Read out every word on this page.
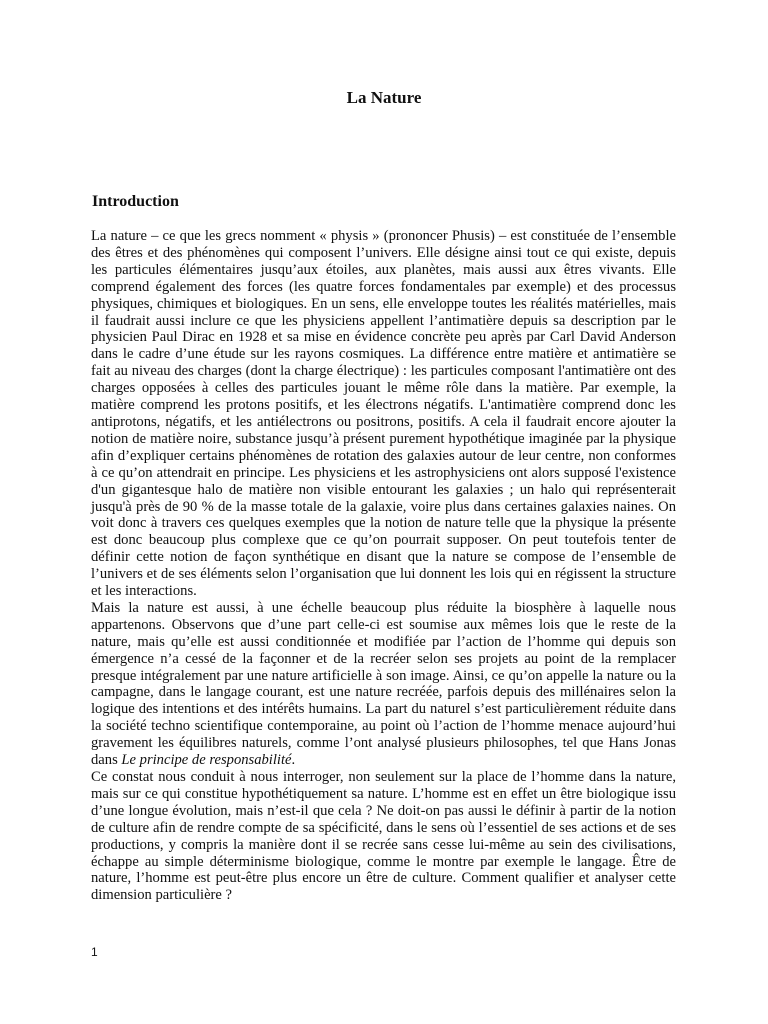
La Nature
Introduction

La nature – ce que les grecs nomment « physis » (prononcer Phusis) – est constituée de l’ensemble des êtres et des phénomènes qui composent l’univers. Elle désigne ainsi tout ce qui existe, depuis les particules élémentaires jusqu’aux étoiles, aux planètes, mais aussi aux êtres vivants. Elle comprend également des forces (les quatre forces fondamentales par exemple) et des processus physiques, chimiques et biologiques. En un sens, elle enveloppe toutes les réalités matérielles, mais il faudrait aussi inclure ce que les physiciens appellent l’antimatière depuis sa description par le physicien Paul Dirac en 1928 et sa mise en évidence concrète peu après par Carl David Anderson dans le cadre d’une étude sur les rayons cosmiques. La différence entre matière et antimatière se fait au niveau des charges (dont la charge électrique) : les particules composant l'antimatière ont des charges opposées à celles des particules jouant le même rôle dans la matière. Par exemple, la matière comprend les protons positifs, et les électrons négatifs. L'antimatière comprend donc les antiprotons, négatifs, et les antiélectrons ou positrons, positifs. A cela il faudrait encore ajouter la notion de matière noire, substance jusqu’à présent purement hypothétique imaginée par la physique afin d’expliquer certains phénomènes de rotation des galaxies autour de leur centre, non conformes à ce qu’on attendrait en principe. Les physiciens et les astrophysiciens ont alors supposé l'existence d'un gigantesque halo de matière non visible entourant les galaxies ; un halo qui représenterait jusqu'à près de 90 % de la masse totale de la galaxie, voire plus dans certaines galaxies naines. On voit donc à travers ces quelques exemples que la notion de nature telle que la physique la présente est donc beaucoup plus complexe que ce qu’on pourrait supposer. On peut toutefois tenter de définir cette notion de façon synthétique en disant que la nature se compose de l’ensemble de l’univers et de ses éléments selon l’organisation que lui donnent les lois qui en régissent la structure et les interactions.

Mais la nature est aussi, à une échelle beaucoup plus réduite la biosphère à laquelle nous appartenons. Observons que d’une part celle-ci est soumise aux mêmes lois que le reste de la nature, mais qu’elle est aussi conditionnée et modifiée par l’action de l’homme qui depuis son émergence n’a cessé de la façonner et de la recréer selon ses projets au point de la remplacer presque intégralement par une nature artificielle à son image. Ainsi, ce qu’on appelle la nature ou la campagne, dans le langage courant, est une nature recréée, parfois depuis des millénaires selon la logique des intentions et des intérêts humains. La part du naturel s’est particulièrement réduite dans la société techno scientifique contemporaine, au point où l’action de l’homme menace aujourd’hui gravement les équilibres naturels, comme l’ont analysé plusieurs philosophes, tel que Hans Jonas dans Le principe de responsabilité.

Ce constat nous conduit à nous interroger, non seulement sur la place de l’homme dans la nature, mais sur ce qui constitue hypothétiquement sa nature. L’homme est en effet un être biologique issu d’une longue évolution, mais n’est-il que cela ? Ne doit-on pas aussi le définir à partir de la notion de culture afin de rendre compte de sa spécificité, dans le sens où l’essentiel de ses actions et de ses productions, y compris la manière dont il se recrée sans cesse lui-même au sein des civilisations, échappe au simple déterminisme biologique, comme le montre par exemple le langage. Être de nature, l’homme est peut-être plus encore un être de culture. Comment qualifier et analyser cette dimension particulière ?

1
